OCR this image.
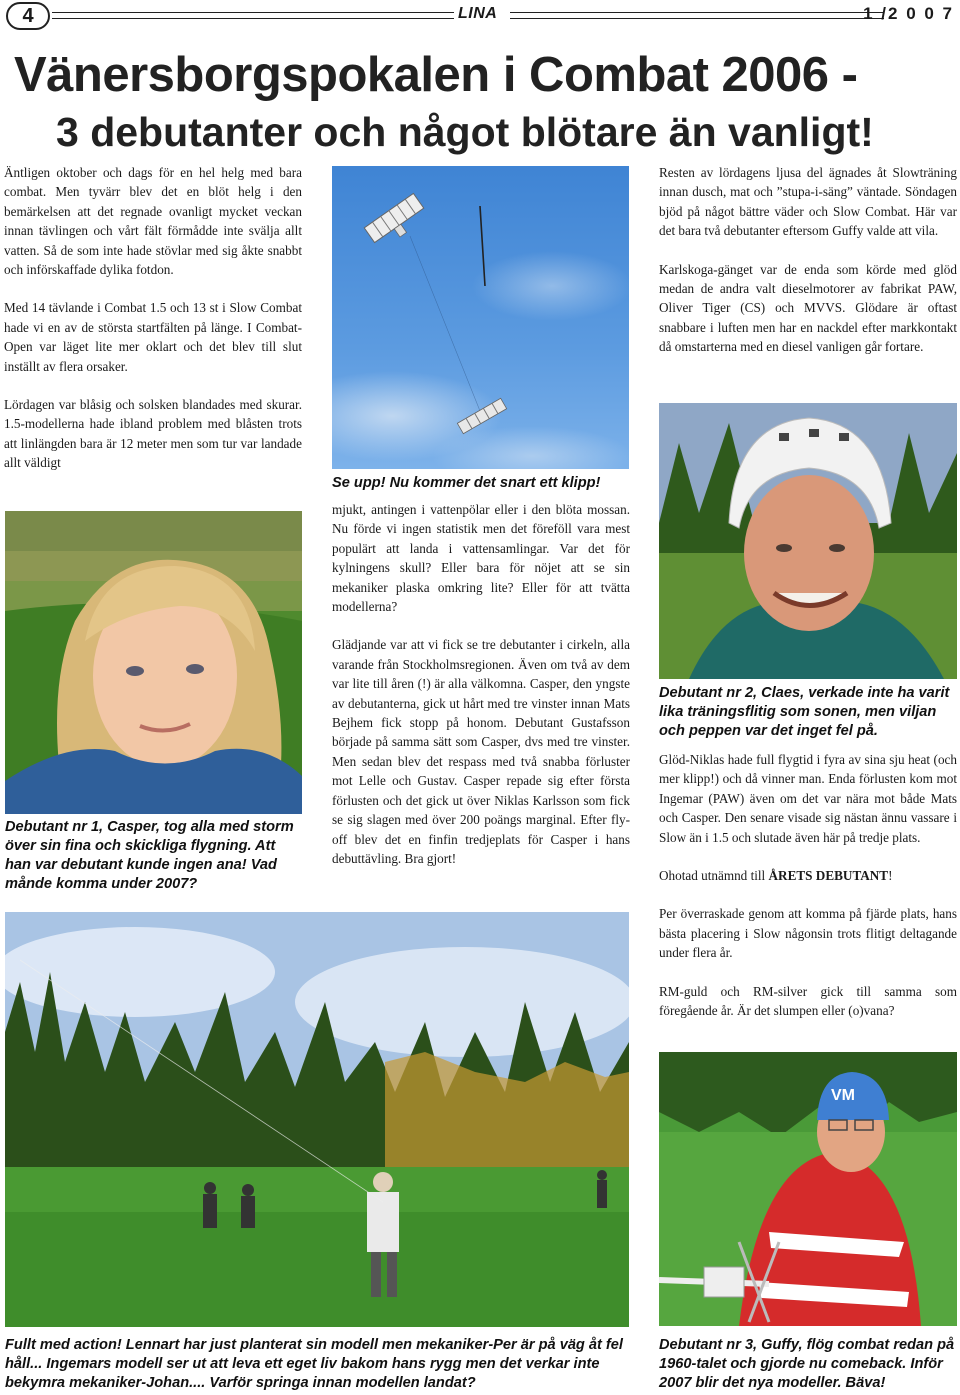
4	LINA	1 /2 0 0 7
Vänersborgspokalen i Combat 2006 -
3 debutanter och något blötare än vanligt!

Äntligen oktober och dags för en hel helg med bara combat. Men tyvärr blev det en blöt helg i den bemärkelsen att det regnade ovanligt mycket veckan innan tävlingen och vårt fält förmådde inte svälja allt vatten. Så de som inte hade stövlar med sig åkte snabbt och införskaffade dylika fotdon.

Med 14 tävlande i Combat 1.5 och 13 st i Slow Combat hade vi en av de största startfälten på länge. I Combat-Open var läget lite mer oklart och det blev till slut inställt av flera orsaker.

Lördagen var blåsig och solsken blandades med skurar. 1.5-modellerna hade ibland problem med blåsten trots att linlängden bara är 12 meter men som tur var landade allt väldigt

Se upp! Nu kommer det snart ett klipp!

mjukt, antingen i vattenpölar eller i den blöta mossan. Nu förde vi ingen statistik men det föreföll vara mest populärt att landa i vattensamlingar. Var det för kylningens skull? Eller bara för nöjet att se sin mekaniker plaska omkring lite? Eller för att tvätta modellerna?

Glädjande var att vi fick se tre debutanter i cirkeln, alla varande från Stockholmsregionen. Även om två av dem var lite till åren (!) är alla välkomna. Casper, den yngste av debutanterna, gick ut hårt med tre vinster innan Mats Bejhem fick stopp på honom. Debutant Gustafsson började på samma sätt som Casper, dvs med tre vinster. Men sedan blev det respass med två snabba förluster mot Lelle och Gustav. Casper repade sig efter första förlusten och det gick ut över Niklas Karlsson som fick se sig slagen med över 200 poängs marginal. Efter fly-off blev det en finfin tredjeplats för Casper i hans debuttävling. Bra gjort!

Resten av lördagens ljusa del ägnades åt Slowträning innan dusch, mat och ”stupa-i-säng” väntade. Söndagen bjöd på något bättre väder och Slow Combat. Här var det bara två debutanter eftersom Guffy valde att vila.

Karlskoga-gänget var de enda som körde med glöd medan de andra valt dieselmotorer av fabrikat PAW, Oliver Tiger (CS) och MVVS. Glödare är oftast snabbare i luften men har en nackdel efter markkontakt då omstarterna med en diesel vanligen går fortare.

Debutant nr 1, Casper, tog alla med storm över sin fina och skickliga flygning. Att han var debutant kunde ingen ana! Vad månde komma under 2007?
Debutant nr 2, Claes, verkade inte ha varit lika träningsflitig som sonen, men viljan och peppen var det inget fel på.

Glöd-Niklas hade full flygtid i fyra av sina sju heat (och mer klipp!) och då vinner man. Enda förlusten kom mot Ingemar (PAW) även om det var nära mot både Mats och Casper. Den senare visade sig nästan ännu vassare i Slow än i 1.5 och slutade även här på tredje plats.

Ohotad utnämnd till ÅRETS DEBUTANT!

Per överraskade genom att komma på fjärde plats, hans bästa placering i Slow någonsin trots flitigt deltagande under flera år.

RM-guld och RM-silver gick till samma som föregående år. Är det slumpen eller (o)vana?

Fullt med action! Lennart har just planterat sin modell men mekaniker-Per är på väg åt fel håll... Ingemars modell ser ut att leva ett eget liv bakom hans rygg men det verkar inte bekymra mekaniker-Johan.... Varför springa innan modellen landat?
VM
Debutant nr 3, Guffy, flög combat redan på 1960-talet och gjorde nu comeback. Inför 2007 blir det nya modeller. Bäva!
